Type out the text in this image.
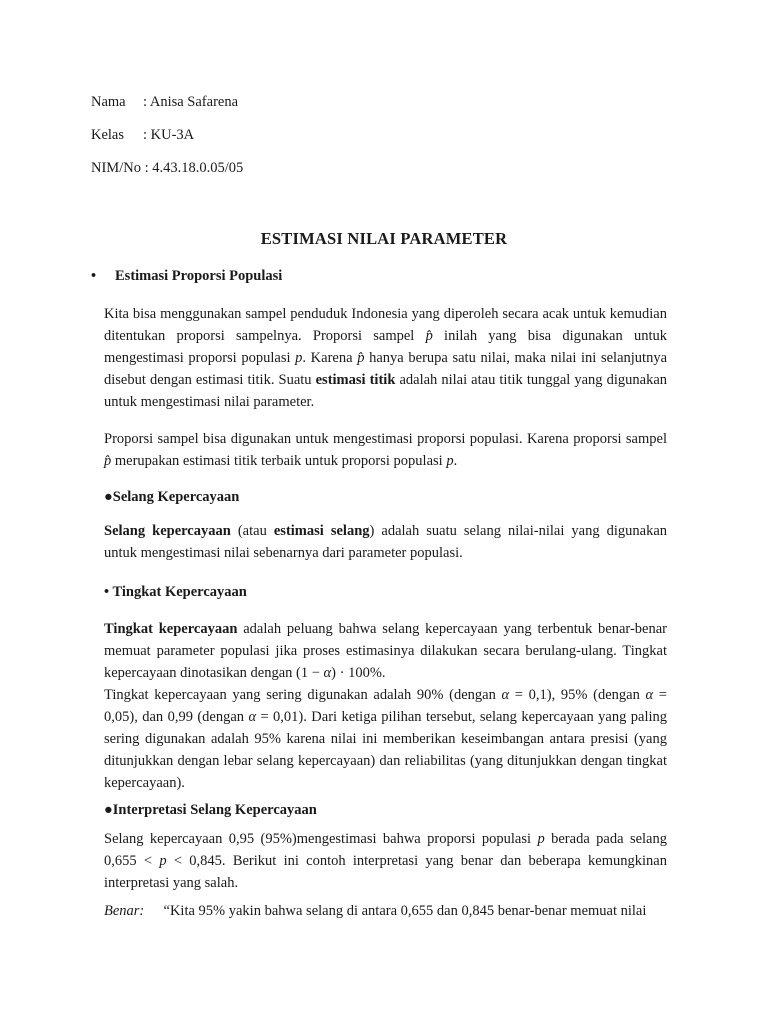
Nama : Anisa Safarena
Kelas : KU-3A
NIM/No : 4.43.18.0.05/05
ESTIMASI NILAI PARAMETER
• Estimasi Proporsi Populasi
Kita bisa menggunakan sampel penduduk Indonesia yang diperoleh secara acak untuk kemudian ditentukan proporsi sampelnya. Proporsi sampel p̂ inilah yang bisa digunakan untuk mengestimasi proporsi populasi p. Karena p̂ hanya berupa satu nilai, maka nilai ini selanjutnya disebut dengan estimasi titik. Suatu estimasi titik adalah nilai atau titik tunggal yang digunakan untuk mengestimasi nilai parameter.
Proporsi sampel bisa digunakan untuk mengestimasi proporsi populasi. Karena proporsi sampel p̂ merupakan estimasi titik terbaik untuk proporsi populasi p.
●Selang Kepercayaan
Selang kepercayaan (atau estimasi selang) adalah suatu selang nilai-nilai yang digunakan untuk mengestimasi nilai sebenarnya dari parameter populasi.
• Tingkat Kepercayaan
Tingkat kepercayaan adalah peluang bahwa selang kepercayaan yang terbentuk benar-benar memuat parameter populasi jika proses estimasinya dilakukan secara berulang-ulang. Tingkat kepercayaan dinotasikan dengan (1 − α) · 100%.
Tingkat kepercayaan yang sering digunakan adalah 90% (dengan α = 0,1), 95% (dengan α = 0,05), dan 0,99 (dengan α = 0,01). Dari ketiga pilihan tersebut, selang kepercayaan yang paling sering digunakan adalah 95% karena nilai ini memberikan keseimbangan antara presisi (yang ditunjukkan dengan lebar selang kepercayaan) dan reliabilitas (yang ditunjukkan dengan tingkat kepercayaan).
●Interpretasi Selang Kepercayaan
Selang kepercayaan 0,95 (95%)mengestimasi bahwa proporsi populasi p berada pada selang 0,655 < p < 0,845. Berikut ini contoh interpretasi yang benar dan beberapa kemungkinan interpretasi yang salah.
Benar: “Kita 95% yakin bahwa selang di antara 0,655 dan 0,845 benar-benar memuat nilai
